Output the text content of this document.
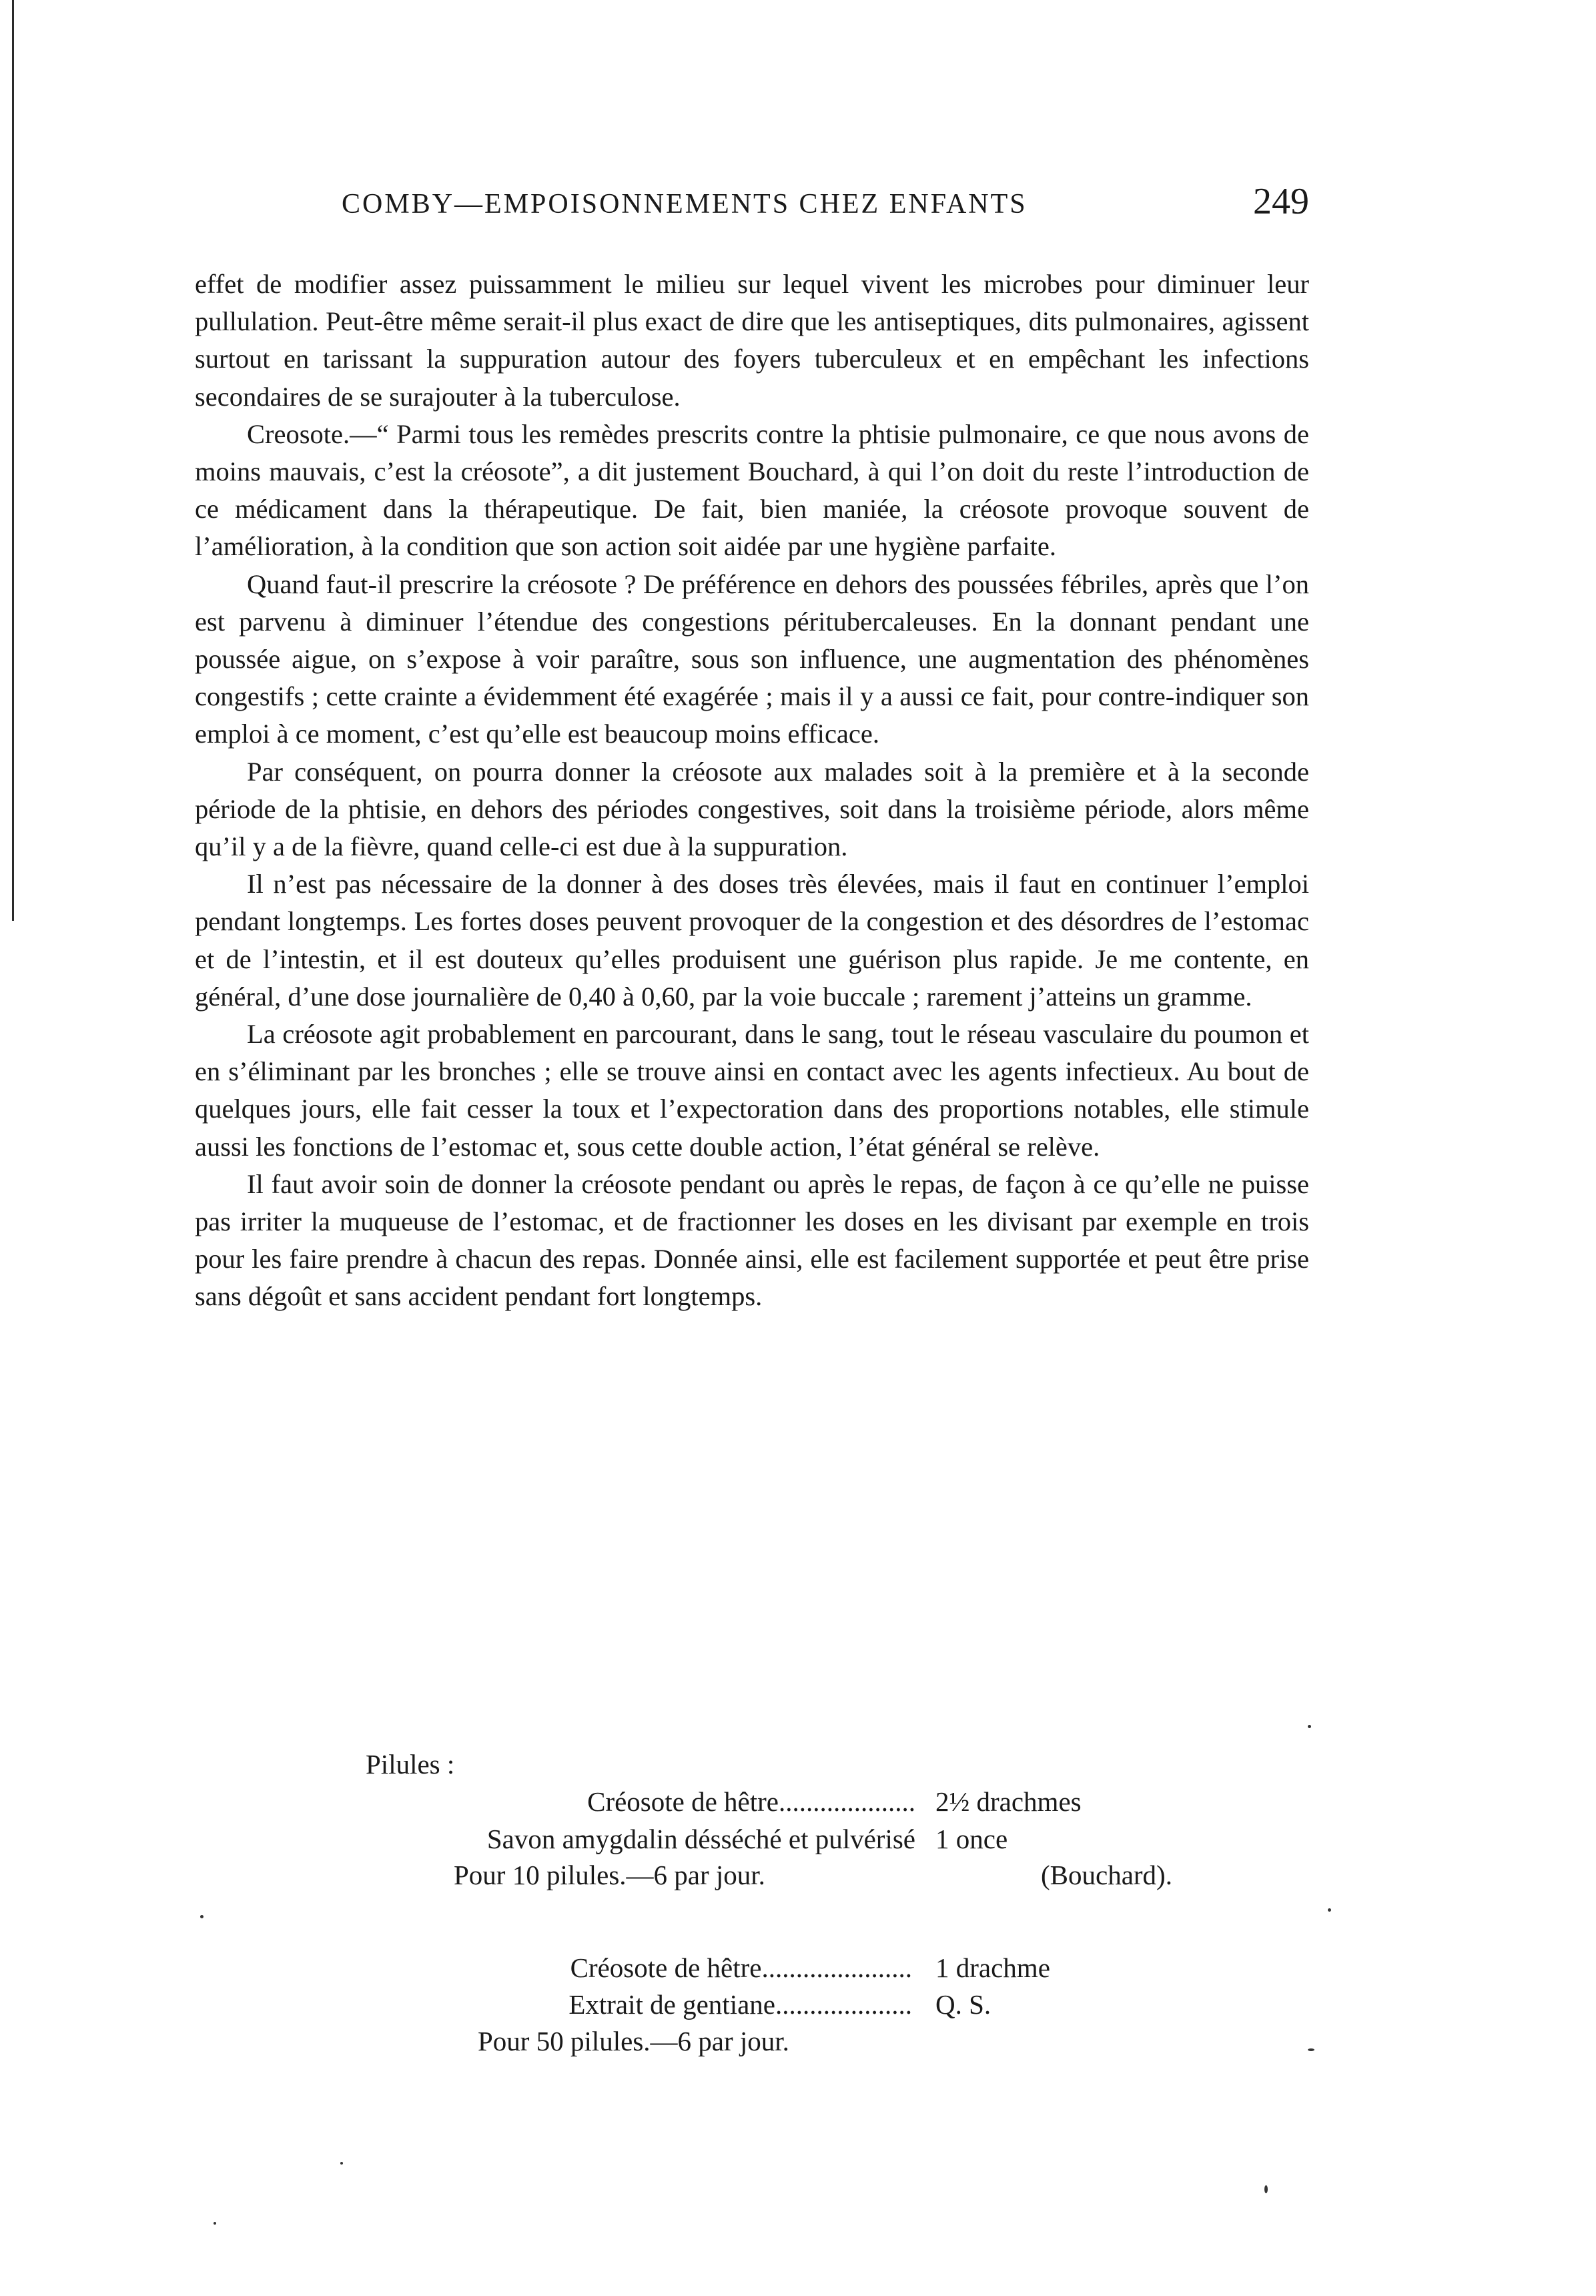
COMBY—EMPOISONNEMENTS CHEZ ENFANTS	249

effet de modifier assez puissamment le milieu sur lequel vivent les microbes pour diminuer leur pullulation. Peut-être même serait-il plus exact de dire que les antiseptiques, dits pulmonaires, agissent surtout en tarissant la suppuration autour des foyers tuberculeux et en empêchant les infections secondaires de se surajouter à la tuberculose.

Creosote.—“ Parmi tous les remèdes prescrits contre la phtisie pulmonaire, ce que nous avons de moins mauvais, c’est la créosote”, a dit justement Bouchard, à qui l’on doit du reste l’introduction de ce médicament dans la thérapeutique. De fait, bien maniée, la créosote provoque souvent de l’amélioration, à la condition que son action soit aidée par une hygiène parfaite.

Quand faut-il prescrire la créosote ? De préférence en dehors des poussées fébriles, après que l’on est parvenu à diminuer l’étendue des congestions péritubercaleuses. En la donnant pendant une poussée aigue, on s’expose à voir paraître, sous son influence, une augmentation des phénomènes congestifs ; cette crainte a évidemment été exagérée ; mais il y a aussi ce fait, pour contre-indiquer son emploi à ce moment, c’est qu’elle est beaucoup moins efficace.

Par conséquent, on pourra donner la créosote aux malades soit à la première et à la seconde période de la phtisie, en dehors des périodes congestives, soit dans la troisième période, alors même qu’il y a de la fièvre, quand celle-ci est due à la suppuration.

Il n’est pas nécessaire de la donner à des doses très élevées, mais il faut en continuer l’emploi pendant longtemps. Les fortes doses peuvent provoquer de la congestion et des désordres de l’estomac et de l’intestin, et il est douteux qu’elles produisent une guérison plus rapide. Je me contente, en général, d’une dose journalière de 0,40 à 0,60, par la voie buccale ; rarement j’atteins un gramme.

La créosote agit probablement en parcourant, dans le sang, tout le réseau vasculaire du poumon et en s’éliminant par les bronches ; elle se trouve ainsi en contact avec les agents infectieux. Au bout de quelques jours, elle fait cesser la toux et l’expectoration dans des proportions notables, elle stimule aussi les fonctions de l’estomac et, sous cette double action, l’état général se relève.

Il faut avoir soin de donner la créosote pendant ou après le repas, de façon à ce qu’elle ne puisse pas irriter la muqueuse de l’estomac, et de fractionner les doses en les divisant par exemple en trois pour les faire prendre à chacun des repas. Donnée ainsi, elle est facilement supportée et peut être prise sans dégoût et sans accident pendant fort longtemps.

Pilules :
Créosote de hêtre.................... 2½ drachmes
Savon amygdalin désséché et pulvérisé 1 once
Pour 10 pilules.—6 par jour.	(Bouchard).
Créosote de hêtre...................... 1 drachme
Extrait de gentiane.................... Q. S.
Pour 50 pilules.—6 par jour.
